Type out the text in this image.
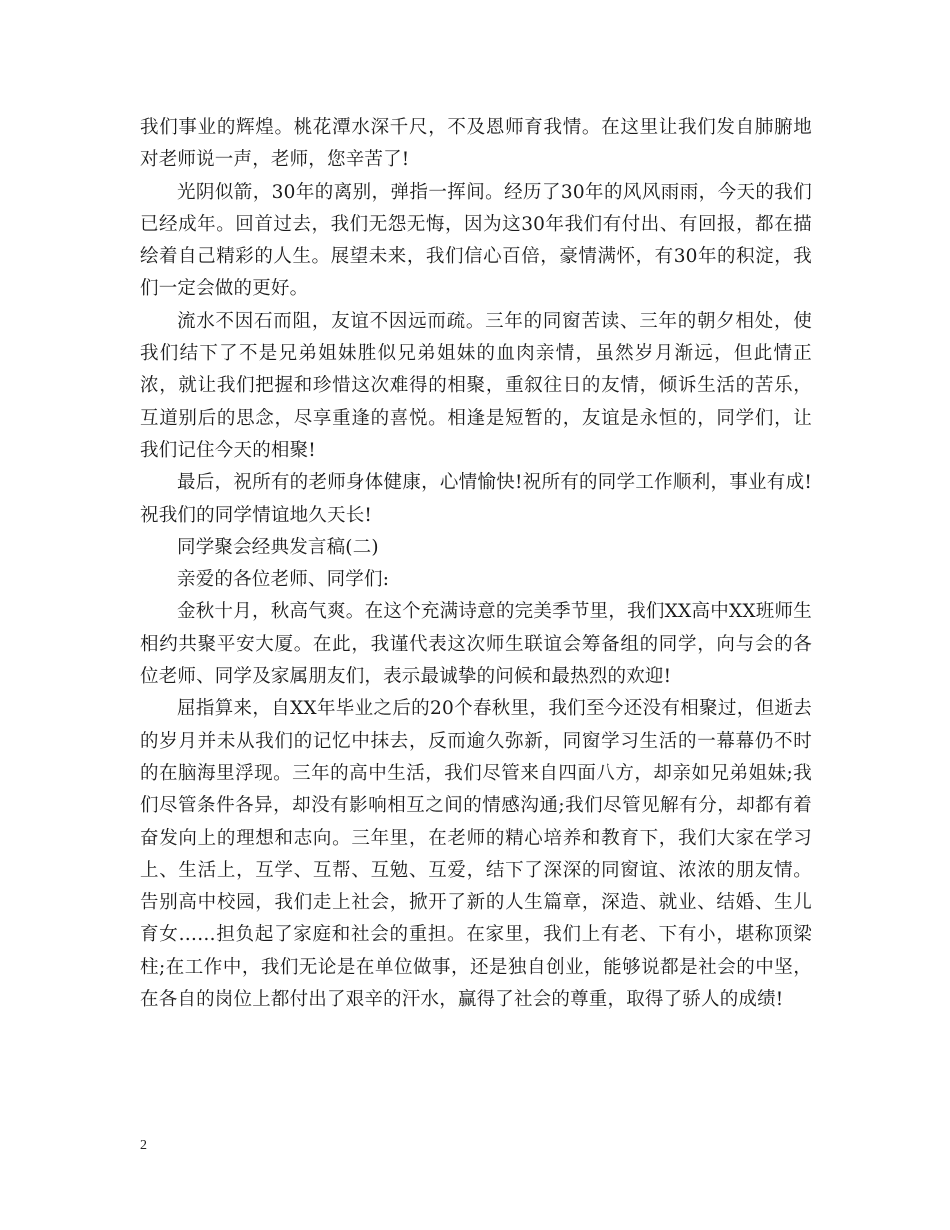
我们事业的辉煌。桃花潭水深千尺，不及恩师育我情。在这里让我们发自肺腑地对老师说一声，老师，您辛苦了!

光阴似箭，30年的离别，弹指一挥间。经历了30年的风风雨雨，今天的我们已经成年。回首过去，我们无怨无悔，因为这30年我们有付出、有回报，都在描绘着自己精彩的人生。展望未来，我们信心百倍，豪情满怀，有30年的积淀，我们一定会做的更好。

流水不因石而阻，友谊不因远而疏。三年的同窗苦读、三年的朝夕相处，使我们结下了不是兄弟姐妹胜似兄弟姐妹的血肉亲情，虽然岁月渐远，但此情正浓，就让我们把握和珍惜这次难得的相聚，重叙往日的友情，倾诉生活的苦乐，互道别后的思念，尽享重逢的喜悦。相逢是短暂的，友谊是永恒的，同学们，让我们记住今天的相聚!

最后，祝所有的老师身体健康，心情愉快!祝所有的同学工作顺利，事业有成!祝我们的同学情谊地久天长!

同学聚会经典发言稿(二)

亲爱的各位老师、同学们:

金秋十月，秋高气爽。在这个充满诗意的完美季节里，我们XX高中XX班师生相约共聚平安大厦。在此，我谨代表这次师生联谊会筹备组的同学，向与会的各位老师、同学及家属朋友们，表示最诚挚的问候和最热烈的欢迎!

屈指算来，自XX年毕业之后的20个春秋里，我们至今还没有相聚过，但逝去的岁月并未从我们的记忆中抹去，反而逾久弥新，同窗学习生活的一幕幕仍不时的在脑海里浮现。三年的高中生活，我们尽管来自四面八方，却亲如兄弟姐妹;我们尽管条件各异，却没有影响相互之间的情感沟通;我们尽管见解有分，却都有着奋发向上的理想和志向。三年里，在老师的精心培养和教育下，我们大家在学习上、生活上，互学、互帮、互勉、互爱，结下了深深的同窗谊、浓浓的朋友情。告别高中校园，我们走上社会，掀开了新的人生篇章，深造、就业、结婚、生儿育女……担负起了家庭和社会的重担。在家里，我们上有老、下有小，堪称顶梁柱;在工作中，我们无论是在单位做事，还是独自创业，能够说都是社会的中坚，在各自的岗位上都付出了艰辛的汗水，赢得了社会的尊重，取得了骄人的成绩!

2
